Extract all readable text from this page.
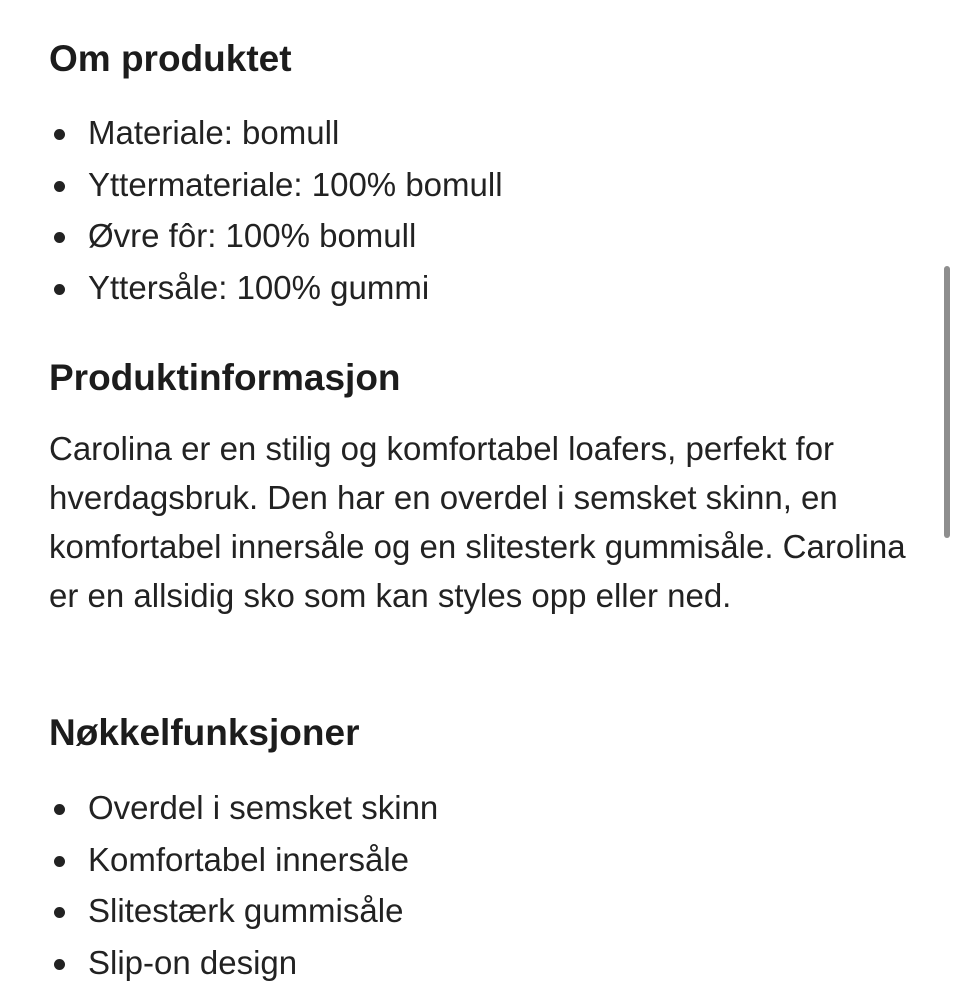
Om produktet
Materiale: bomull
Yttermateriale: 100% bomull
Øvre fôr: 100% bomull
Yttersåle: 100% gummi
Produktinformasjon

Carolina er en stilig og komfortabel loafers, perfekt for hverdagsbruk. Den har en overdel i semsket skinn, en komfortabel innersåle og en slitesterk gummisåle. Carolina er en allsidig sko som kan styles opp eller ned.

Nøkkelfunksjoner
Overdel i semsket skinn
Komfortabel innersåle
Slitestærk gummisåle
Slip-on design
